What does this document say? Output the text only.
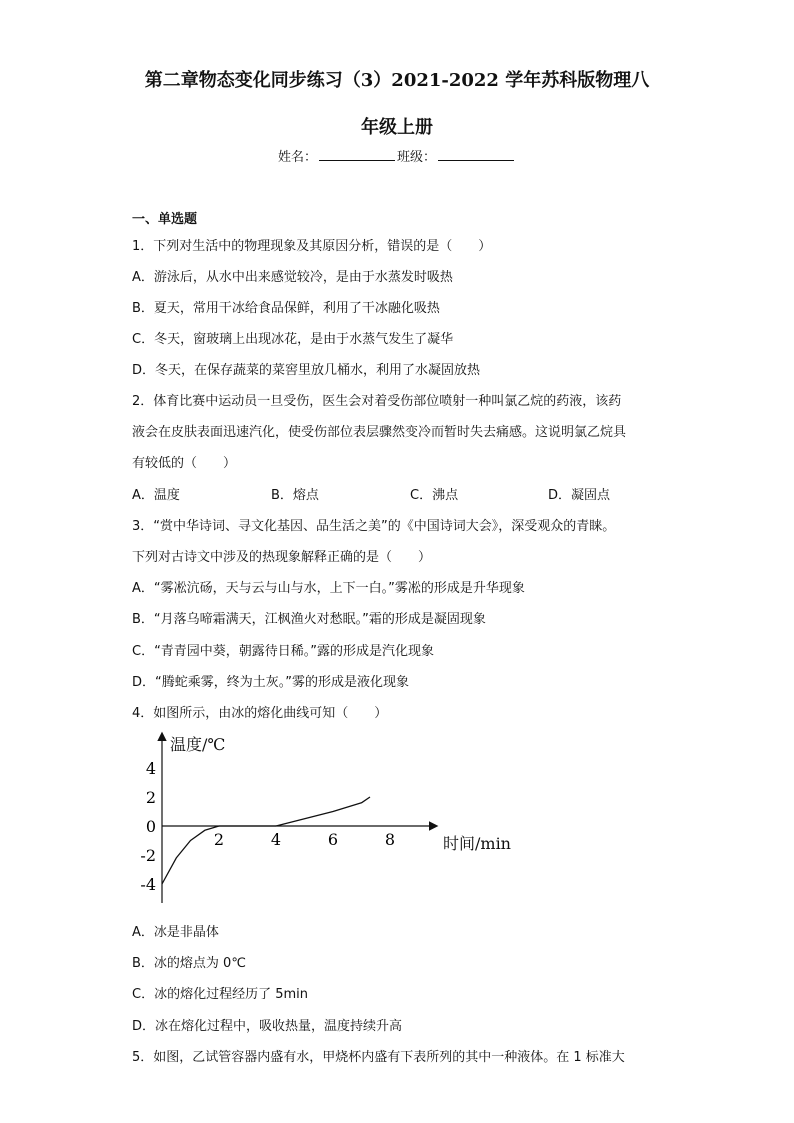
第二章物态变化同步练习（3）2021-2022 学年苏科版物理八
年级上册
姓名：	班级：
一、单选题
1．下列对生活中的物理现象及其原因分析，错误的是（　　）
A．游泳后，从水中出来感觉较冷，是由于水蒸发时吸热
B．夏天，常用干冰给食品保鲜，利用了干冰融化吸热
C．冬天，窗玻璃上出现冰花，是由于水蒸气发生了凝华
D．冬天，在保存蔬菜的菜窖里放几桶水，利用了水凝固放热
2．体育比赛中运动员一旦受伤，医生会对着受伤部位喷射一种叫氯乙烷的药液，该药
液会在皮肤表面迅速汽化，使受伤部位表层骤然变冷而暂时失去痛感。这说明氯乙烷具
有较低的（　　）
A．温度	B．熔点	C．沸点	D．凝固点
3．“赏中华诗词、寻文化基因、品生活之美”的《中国诗词大会》，深受观众的青睐。
下列对古诗文中涉及的热现象解释正确的是（　　）
A．“雾凇沆砀，天与云与山与水，上下一白。”雾凇的形成是升华现象
B．“月落乌啼霜满天，江枫渔火对愁眠。”霜的形成是凝固现象
C．“青青园中葵，朝露待日稀。”露的形成是汽化现象
D．“腾蛇乘雾，终为土灰。”雾的形成是液化现象
4．如图所示，由冰的熔化曲线可知（　　）
温度/℃
时间/min
4
2
0
-2
-4
2	4	6	8
A．冰是非晶体
B．冰的熔点为 0℃
C．冰的熔化过程经历了 5min
D．冰在熔化过程中，吸收热量，温度持续升高
5．如图，乙试管容器内盛有水，甲烧杯内盛有下表所列的其中一种液体。在 1 标准大
